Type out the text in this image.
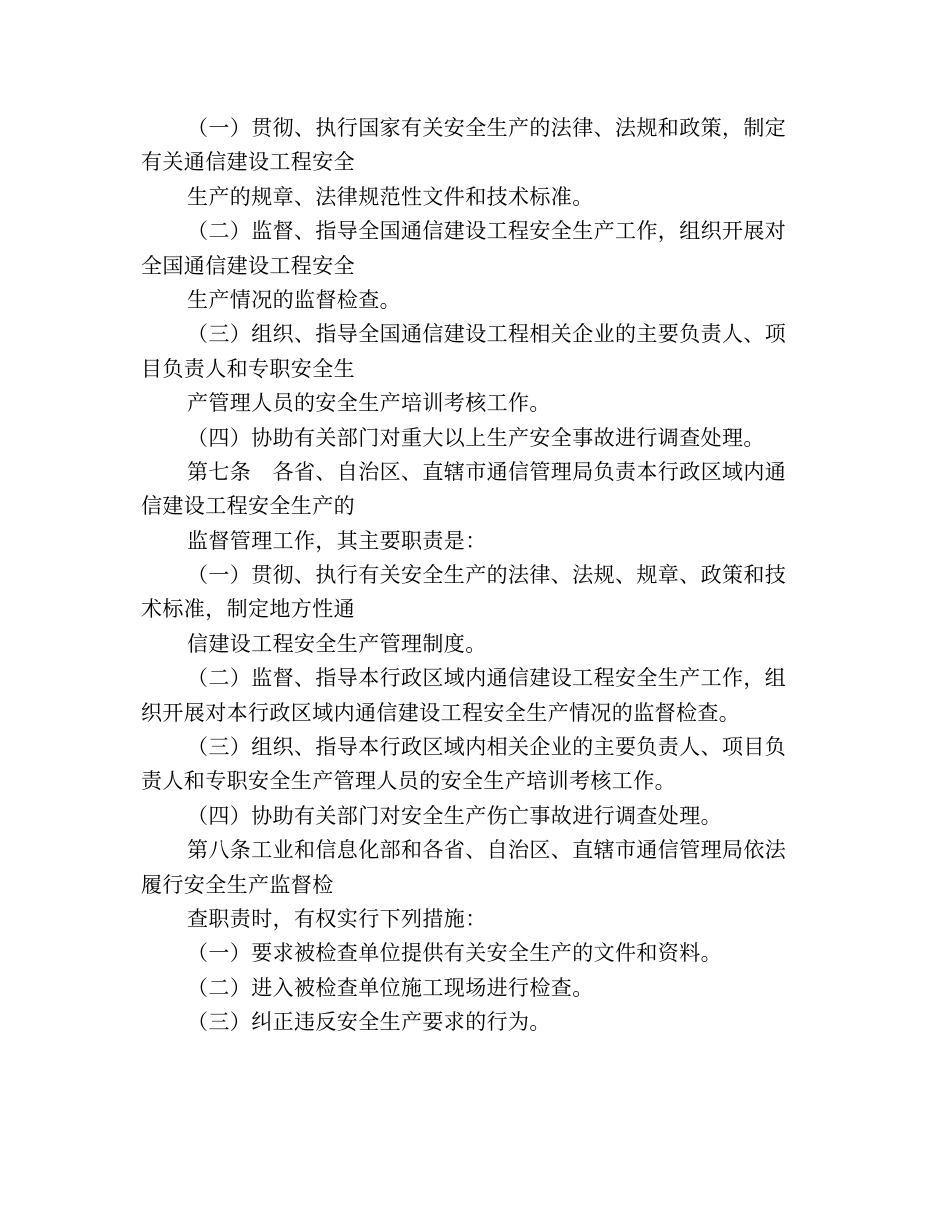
（一）贯彻、执行国家有关安全生产的法律、法规和政策，制定
有关通信建设工程安全
生产的规章、法律规范性文件和技术标准。
（二）监督、指导全国通信建设工程安全生产工作，组织开展对
全国通信建设工程安全
生产情况的监督检查。
（三）组织、指导全国通信建设工程相关企业的主要负责人、项
目负责人和专职安全生
产管理人员的安全生产培训考核工作。
（四）协助有关部门对重大以上生产安全事故进行调查处理。
第七条　各省、自治区、直辖市通信管理局负责本行政区域内通
信建设工程安全生产的
监督管理工作，其主要职责是：
（一）贯彻、执行有关安全生产的法律、法规、规章、政策和技
术标准，制定地方性通
信建设工程安全生产管理制度。
（二）监督、指导本行政区域内通信建设工程安全生产工作，组
织开展对本行政区域内通信建设工程安全生产情况的监督检查。
（三）组织、指导本行政区域内相关企业的主要负责人、项目负
责人和专职安全生产管理人员的安全生产培训考核工作。
（四）协助有关部门对安全生产伤亡事故进行调查处理。
第八条工业和信息化部和各省、自治区、直辖市通信管理局依法
履行安全生产监督检
查职责时，有权实行下列措施：
（一）要求被检查单位提供有关安全生产的文件和资料。
（二）进入被检查单位施工现场进行检查。
（三）纠正违反安全生产要求的行为。
